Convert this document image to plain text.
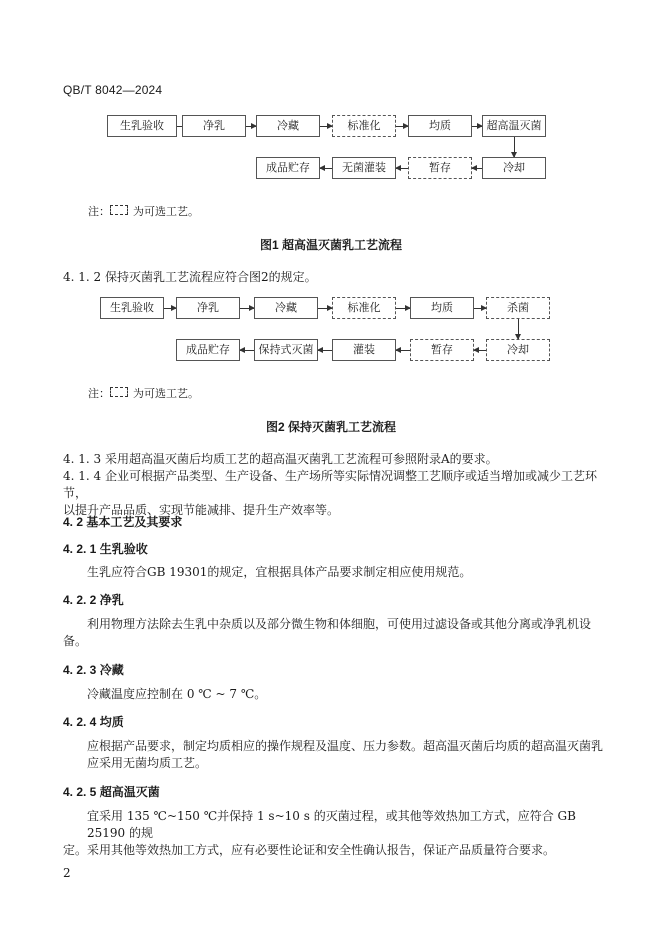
QB/T 8042—2024
生乳验收	净乳	冷藏	标准化	均质	超高温灭菌
冷却
暂存
无菌灌装
成品贮存
注： 为可选工艺。
图1 超高温灭菌乳工艺流程
4. 1. 2 保持灭菌乳工艺流程应符合图2的规定。
生乳验收	净乳	冷藏	标准化	均质	杀菌
冷却
暂存
灌装
保持式灭菌
成品贮存
注： 为可选工艺。
图2 保持灭菌乳工艺流程
4. 1. 3 采用超高温灭菌后均质工艺的超高温灭菌乳工艺流程可参照附录A的要求。
4. 1. 4 企业可根据产品类型、生产设备、生产场所等实际情况调整工艺顺序或适当增加或减少工艺环节，
以提升产品品质、实现节能减排、提升生产效率等。
4. 2 基本工艺及其要求
4. 2. 1 生乳验收
生乳应符合GB 19301的规定，宜根据具体产品要求制定相应使用规范。
4. 2. 2 净乳
利用物理方法除去生乳中杂质以及部分微生物和体细胞，可使用过滤设备或其他分离或净乳机设
备。
4. 2. 3 冷藏
冷藏温度应控制在 0 ℃ ~ 7 ℃。
4. 2. 4 均质
应根据产品要求，制定均质相应的操作规程及温度、压力参数。超高温灭菌后均质的超高温灭菌乳
应采用无菌均质工艺。
4. 2. 5 超高温灭菌
宜采用 135 ℃~150 ℃并保持 1 s~10 s 的灭菌过程，或其他等效热加工方式，应符合 GB 25190 的规
定。采用其他等效热加工方式，应有必要性论证和安全性确认报告，保证产品质量符合要求。
2
